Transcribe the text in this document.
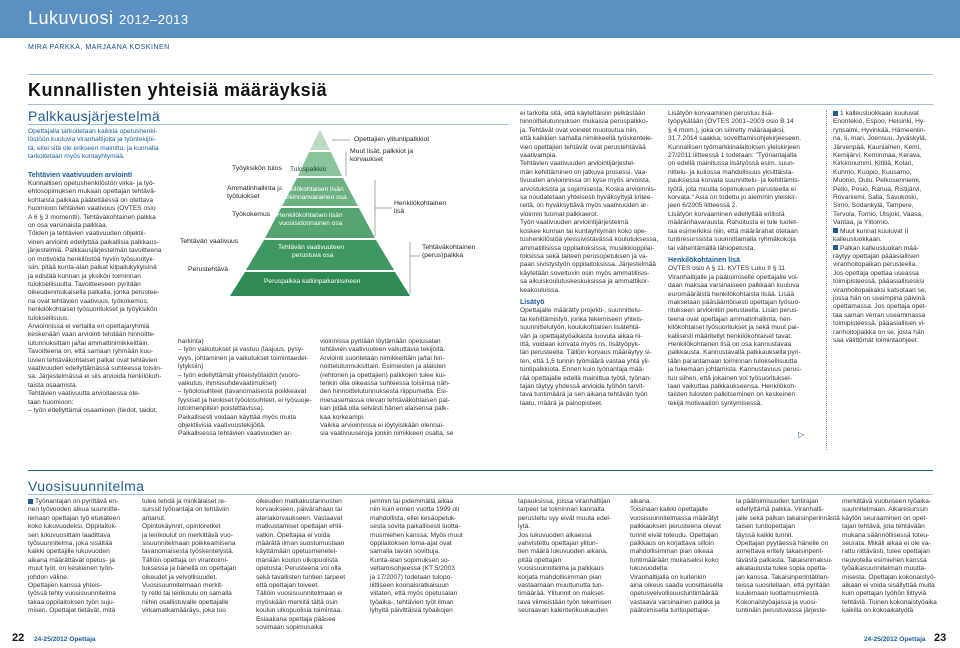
Lukuvuosi 2012–2013
MIRA PARKKA, MARJAANA KOSKINEN
Kunnallisten yhteisiä määräyksiä
Palkkausjärjestelmä
Opettajalla tarkoitetaan kaikkia opetushenki-
löstöön kuuluvia viranhaltijoita ja työntekijöi-
tä, ellei sitä ole erikseen mainittu, ja kunnalla
tarkoitetaan myös kuntayhtymää.
Tehtävien vaativuuden arviointi
Kunnallisen opetushenkilöstön virka- ja työ-
ehtosopimuksen mukaan opettajan tehtävä-
kohtaista palkkaa päätettäessä on otettava
huomioon tehtävien vaativuus (OVTES osio
A 6 § 3 momentti). Tehtäväkohtainen palkka
on osa varsinaista palkkaa.
Töiden ja tehtävien vaativuuden objektii-
vinen arviointi edellyttää paikallisia palkkaus-
järjestelmiä. Palkkausjärjestelmän tavoitteena
on motivoida henkilöstöä hyviin työsuoritук-
siin, pitää kunta-alan palkat kilpailukykyisinä
ja edistää kunnan ja yksikön toiminnan
tuloksellisuutta. Tavoitteeseen pyritään
oikeudenmukaisella palkalla, jonka perustee-
na ovat tehtävien vaativuus, työkokemus,
henkilökohtaiset työsuoritukset ja työyksikön
tuloksellisuus.
Arvioinnissa ei vertailla eri opettajaryhmiä
keskenään vaan arviointi tehdään hinnoitte-
lutunnuksittain ja/tai ammattinimikkeittäin.
Tavoitteena on, että samaan ryhmään kuu-
luvien tehtäväkohtaiset palkat ovat tehtävien
vaativuuden edellyttämässä suhteessa toisiin-
sa. Järjestelmässä ei siis arvioida henkilökoh-
taista osaamista.
Tehtävien vaativuutta arvioitaessa ote-
taan huomioon:
– työn edellyttämä osaaminen (tiedot, taidot,
Opettajien ylituntipalkkiot
Muut lisät, palkkiot ja korvaukset
Työyksikön tulos
Ammatinhallinta ja työtulokset
Työkokemus
Tehtävän vaativuus
Perustehtävä
Henkilökohtainen lisä
Tehtäväkohtainen (perus)palkka
Tulospalkkio
Henkilökohtaisen lisän
harkinnanvarainen osa
Henkilökohtaisen lisän
vuosisidonnainen osa
Tehtävän vaativuuteen
perustuva osa
Peruspalkka kalliinpaikanlisineen
harkinta)
– työn vaikutukset ja vastuu (laajuus, pysy-
vyys, johtaminen ja vaikutukset toimintaedel-
lytyksiin)
– työn edellyttämät yhteistyötaidot (vuoro-
vaikutus, ihmissuhdevaatimukset)
– työolosuhteet (tavanomaisesta poikkeavat
fyysiset ja henkiset työolosuhteet, ei työsuoje-
lutoimenpitein poistettavissa).
Paikallisesti voidaan käyttää myös muita
objektiivisia vaativuustekijöitä.
Paikallisessa tehtävien vaativuuden ar-
vioinnissa pyritään löytämään opetusalan
tehtävien vaativuuteen vaikuttavia tekijöitä.
Arviointi suoritetaan nimikkeittäin ja/tai hin-
noittelutunnuksittain. Esimiesten ja alaisten
(rehtorien ja opettajien) palkkojen tulee kui-
tenkin olla oikeassa suhteessa toisiinsa näh-
den hinnoittelutunnuksesta riippumatta. Esi-
miesasemassa olevan tehtäväkohtaisen pal-
kan pitää olla selvästi hänen alaisensa palk-
kaa korkeampi.
Vaikka arvioinnissa ei löytyisikään olennai-
sia vaativuuseroja jonkin nimikkeen osalta, se
ei tarkoita sitä, että käytettäisiin pelkästään
hinnoittelutunnuksen mukaisia peruspalkko-
ja. Tehtävät ovat voineet muotoutua niin,
että kaikkien samalla nimikkeellä työskentele-
vien opettajien tehtävät ovat perustehtävää
vaativampia.
Tehtävien vaativuuden arviointijärjestel-
män kehittäminen on jatkuva prosessi. Vaa-
tivuuden arvioinnissa on kyse myös arvoista,
arvostuksista ja sopimisesta. Koska arvioinnis-
sa noudatetaan yhteisesti hyväksyttyjä kritee-
reitä, on hyväksyttävä myös vaativuuden ar-
vioinnin tuomat palkkaerot.
Työn vaativuuden arviointijärjestelmä
koskee kunnan tai kuntayhtymän koko ope-
tushenkilöstöä yleissivistävässä koulutuksessa,
ammatillisissa oppilaitoksissa, musiikkioppilai-
toksissa sekä taiteen perusopetuksen ja va-
paan sivistystyön oppilaitoksissa. Järjestelmää
käytetään soveltuvin osin myös ammatillisis-
sa aikuiskoulutuskeskuksissa ja ammattikor-
keakouluissa.
Lisätyö
Opettajalle määrätty projekti-, suunnittelu-
tai kehittämistyö, jonka tekemiseen yhteis-
suunnittelutyön, koulukohtaisen lisätehtä-
vän ja opettajatyöaikasta luovuta aikaa rii-
ittä, voidaan korvata myös ns. lisätyöpyk-
län perusteella. Tällöin korvaus määräytyy si-
ten, että 1,5 tunnin työmäärä vastaa yhtä yli-
tuntipalkkiota. Ennen kuin työnantaja mää-
rää opettajalle edellä mainittua työtä, työnan-
tajan täytyy yhdessä arvioida työhön tarvit-
tava tuntimäärä ja sen aikana tehtävän työn
laatu, määrä ja painopisteet.
Lisätyön korvaaminen perustuu lisä-
työpykälään (OVTES 2001–2003 osio B 14
§ 4 mom.), joka on siirretty määräajaksi,
31.7.2014 saakka, sovelttamisohjekirjeeseen.
Kunnallisen työmarkkinalaitoksen yleiskirjeen
27/2011 liitteessä 1 todetaan: "Työnantajalla
on edellä mainitussa lisätyössä esim. suun-
nittelu- ja kuilossa mahdollisuus yksittäista-
pauksessa korvata suunnittelu- ja kehittämis-
työtä, jota muulla sopimuksen perusteella ei
korvata." Asia on todettu jo aiemmin yleiskir-
jeen 6/2005 liitteessä 2.
Lisätyön korvaaminen edellyttää erillistä
määränhavarausta. Rahoitusta ei tule tuotet-
taa esimerkiksi niin, että määrärahat otetaan
tuntiresurssista suunnittamalla ryhmäkokoja
tai vähentämällä lähiopetusta.
Henkilökohtainen lisä
OVTES osio A § 11, KVTES Luku II § 11
Viranhaltijalle ja päätoimiselle opettajalle voi-
daan maksaa varsinaiseen palkkaan kuuluva
euromääräistä henkilökohtaista lisää. Lisää
maksetaan pääsääntöisesti opettajan työsuo-
ritukseen arviointiin perusteella. Lisän perus-
teena ovat opettajan ammatinhallinta, hen-
kilökohtaiset työsuoritukset ja sekä muut pai-
kallisesti määritellyt henkilökohtaiset tavat.
Henkilökohtainen lisä on osa kannustavaa
palkkausta. Kannustavalla palkkauksella pyri-
tään parantamaan toiminnan tuloksellisuutta
ja tukemaan johtamista. Kannustavuus perus-
tuu siihen, että jokainen voi työsuorituksel-
laan vaikuttaa palkkaukseensa. Henkilökoh-
taisten tulosten palkitseminen on keskeinen
tekijä motivaation syntymisessä.
▷
1 kalleusluokkaan kuuluvat
Enontekiö, Espoo, Helsinki, Hy-
rynsalmi, Hyvinkää, Hämeenlin-
na, Ii, Inari, Joensuu, Jyväskylä,
Järvenpää, Kauniainen, Kemi,
Kemijärvi, Keminmaa, Kerava,
Kirkkonummi, Kittilä, Kolari,
Kuhmo, Kuopio, Kuusamo,
Muonio, Oulu, Pelkosenniemi,
Pello, Posio, Ranua, Ristijärvi,
Rovaniemi, Salla, Savukoski,
Simo, Sodankylä, Tampere,
Tervola, Tornio, Utsjoki, Vaasa,
Vantaa, ja Ylitornio.
Muut kunnat kuuluvat II
kalleusluokkaan.
Palkan kalleusluokan mää-
räytyy opettajan pääasiallisen
viranhoitopaikan perusteella.
Jos opettaja opettaa useassa
toimipisteessä, pääasiallisesksi
viranhoitopaikaksi katsotaan se,
jossa hän on useimpina päivinä
opettamassa. Jos opettaja opet-
taa saman verran useammassa
toimipisteessä, pääasiallisen vi-
ranhoitopaikka on se, josta hän
saa välittömät toimintaohjeet.
Vuosisuunnitelma
Työnantajan on pyrittävä en-
nen työvuoden alkua suunnitte-
lemaan opettajan työ etukäteen
koko lukuvuodeksi. Oppilaitok-
sen lukuvuosittain laadittava
työsuunnitelma, joka sisältää
kaikki opettajille lukuvuoden
aikana määrättävät opetus- ja
muut työt, on keskeinen työn-
johdon väline.
Opettajien kanssa yhteis-
työssä tehty vuosisuunnitelma
takaa oppilaitoksen työn suju-
misen. Opettajat tietävät, mitä
tulee tehdä ja minkälaiset re-
surssit työnantaja on tehtäviin
antanut.
Opintokäynnit, opintoretket
ja leirikoulut on merkittävä vuo-
sisuunnitelmaan poikkeamisena
tavanomaisesta työskentelystä.
Tällöin opettaja on virantoimi-
tuksessa ja hänellä on opettajan
oikeudet ja velvollisuudet.
Vuosisuunnitelmaan merkit-
ty retki tai leirikoulu on samalla
niihin osallistuvalle opettajalle
virkamatkamääräys, joka tuo
oikeuden matkakustannusten
korvaukseen, päivärahaan tai
ateriakorvaukseen. Vastaavat
matkustamiset opettajan ehtii-
vatkin. Opettajaa ei voida
määrätä ilman suostumustaan
käyttämään opetusmenetel-
mänään koulun ulkopuolista
opetusta. Perusteena voi olla
sekä tavallisten tuntien tarpeet
että opettajan toiveet.
Tällöin vuosisuunnitelmaan ei
myöskään merkitä tältä osin
koulun ulkopuolisia toimintaa.
Esiaakana opettaja pääsee
sovimaan sopimusaika
jemmin tai pidemmällä aikaa
niin kuin ennen vuotta 1999 oli
mahdollista, ellei kesäopetuk-
sesta sovita paikallisesti luotta-
musmiehen kanssa. Myös muut
oppilaitoksen loma-ajat ovat
samalla tavoin sovittuja.
Kunta-alan sopimuksen so-
veltamisohjeessa (KT 5/2003
ja 17/2007) todetaan tulopo-
liittiseen koonaisratkaisuun
viitaten, että myös opetusalan
työaika-, tehtävien työt ilman
lyhyitä päivittäisiä työaikojen
tapauksissa, joissa viranhaltijan
tarpeet tai toiminnan kannalta
perusteltu syy eivät muuta edel-
lytä.
Jos lukuvuoden alkaessa
vahvistettu opettajan ylitun-
tien määrä lukuvuoden aikana,
pitää opettajan
vuosisuunnitelma ja palkkaus
korjata mahdollisimman pian
vastaamaan muuttunutta tun-
timäärää. Ylitunnit on makset-
tava viimeistään työn tekemisen
seuraavan kalenterikuukauden
aikana.
Toisinaan kaikki opettajalle
vuosisuunnitelmassa määrätyt
palkkauksen perusteena olevat
tunnit eivät toteudu. Opettajan
palkkaus on korjattava silloin
mahdollisimman pian oikeaa
tuntimäärään mukaiseksi koko
lukuvuodelta.
Viranhaltijalla on kuitenkin
aina oikeus saada vuosittaisella
opetusvelvollisuustuntimäärää
vastaava varsinainen palkka ja
päätoimisella tuntiopettajal-
la päätoimisuuden tuntirajan
edellyttämä palkka. Viranhalti-
jalle sekä palkan takaisinperinnästä
taisen tuntiopettajan
täyssä kaikki tunnit.
Opettajan pyytäessä hänelle on
annettava eritely takaisinperit-
tävästä palkasta. Takaisinmaksu-
aikataulusta tulee sopia opetta-
jan kanssa. Takaisinperintätilan-
teissa suositellaan, että pyritään
kuulemaan luottamusmiestä.
Kokonaistyöajassa ja vuosi-
tuntinäin perustuvassa järjeste-
merkittävä vuotuiseen työaika-
suunnitelmaan. Aikaresurssin
käytön seuraaminen on opet-
tajan tehtävä, jota tehtävään
mukana säännöllisessä toteu-
seurata. Mikäli aikaa ei ole va-
rattu riittävästi, tulee opettajan
neuvotella esimiehen kanssa
työaikasuunnitelman muutta-
misesta. Opettajan kokonaistyö-
aikaan ei voida sisällyttää muita
kuin opettajan työhön liittyviä
tehtäviä. Toinen kokonaistyöaika
kaikilla on kokoaikatyötä
22 24-25/2012 Opettaja	24-25/2012 Opettaja 23
